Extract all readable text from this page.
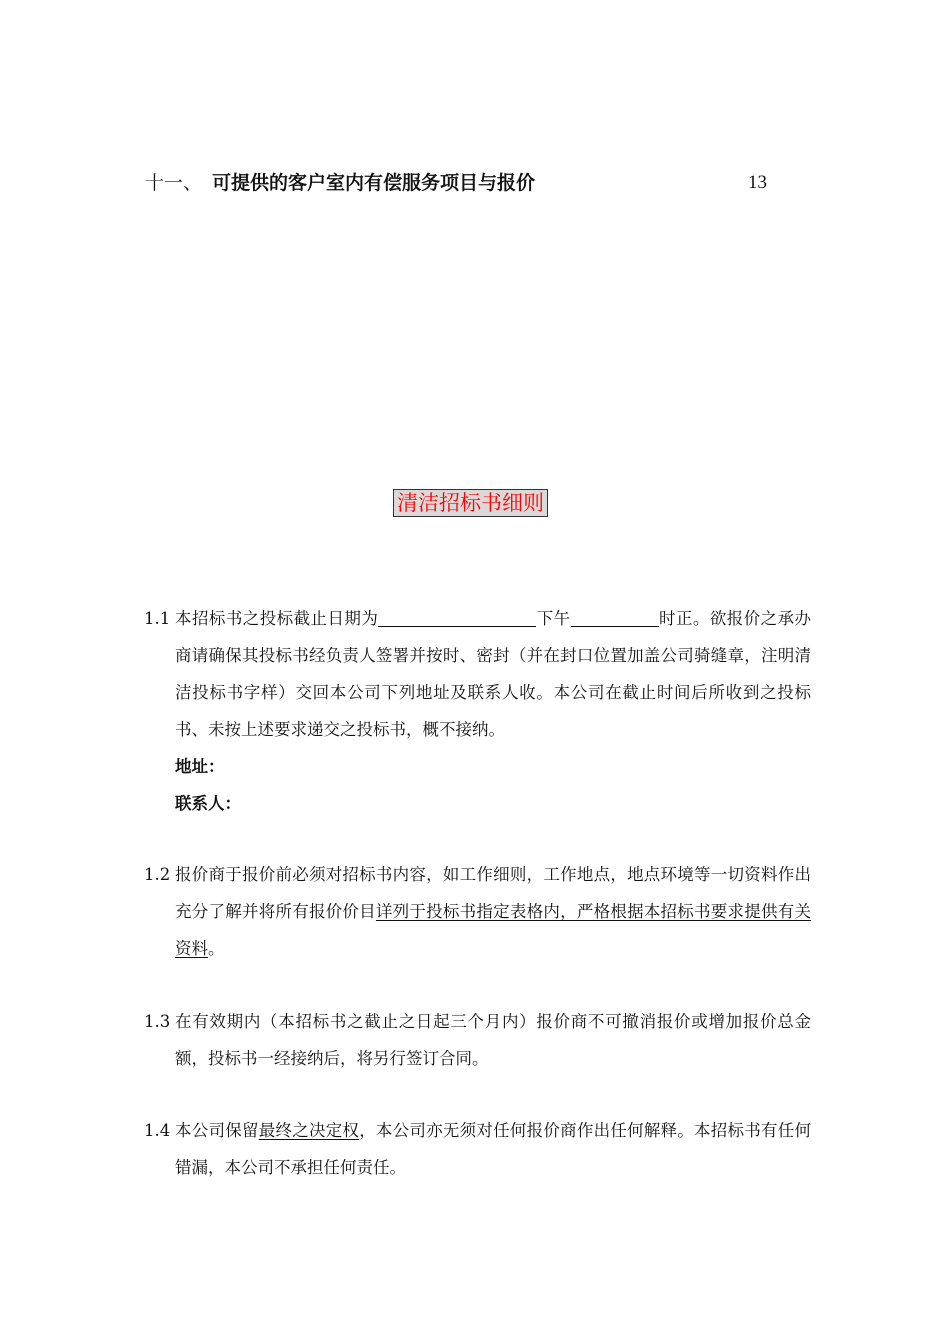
十一、 可提供的客户室内有偿服务项目与报价	13
清洁招标书细则
1.1 本招标书之投标截止日期为	下午	时正。欲报价之承办商请确保其投标书经负责人签署并按时、密封（并在封口位置加盖公司骑缝章，注明清洁投标书字样）交回本公司下列地址及联系人收。本公司在截止时间后所收到之投标书、未按上述要求递交之投标书，概不接纳。
地址：
联系人：
1.2 报价商于报价前必须对招标书内容，如工作细则，工作地点，地点环境等一切资料作出充分了解并将所有报价价目详列于投标书指定表格内，严格根据本招标书要求提供有关资料。
1.3 在有效期内（本招标书之截止之日起三个月内）报价商不可撤消报价或增加报价总金额，投标书一经接纳后，将另行签订合同。
1.4 本公司保留最终之决定权，本公司亦无须对任何报价商作出任何解释。本招标书有任何错漏，本公司不承担任何责任。
